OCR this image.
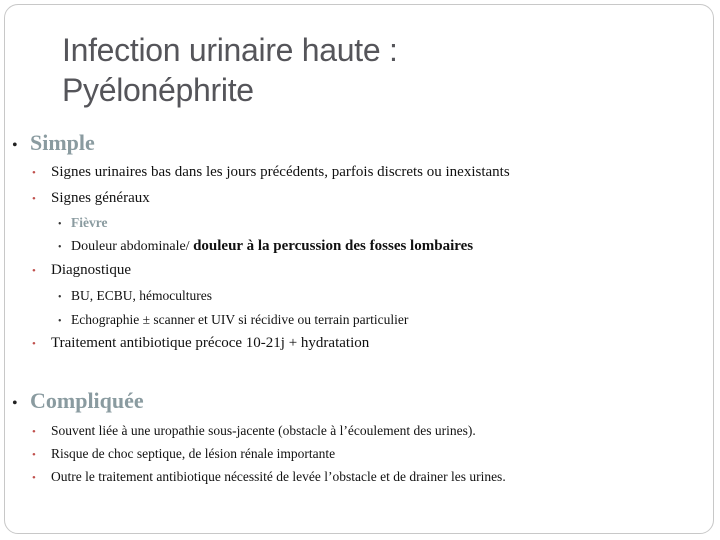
Infection urinaire haute :
Pyélonéphrite
• Simple
• Signes urinaires bas dans les jours précédents, parfois discrets ou inexistants
• Signes généraux
• Fièvre
• Douleur abdominale/ douleur à la percussion des fosses lombaires
• Diagnostique
• BU, ECBU, hémocultures
• Echographie ± scanner et UIV si récidive ou terrain particulier
• Traitement antibiotique précoce 10-21j + hydratation
• Compliquée
• Souvent liée à une uropathie sous-jacente (obstacle à l’écoulement des urines).
• Risque de choc septique, de lésion rénale importante
• Outre le traitement antibiotique nécessité de levée l’obstacle et de drainer les urines.
